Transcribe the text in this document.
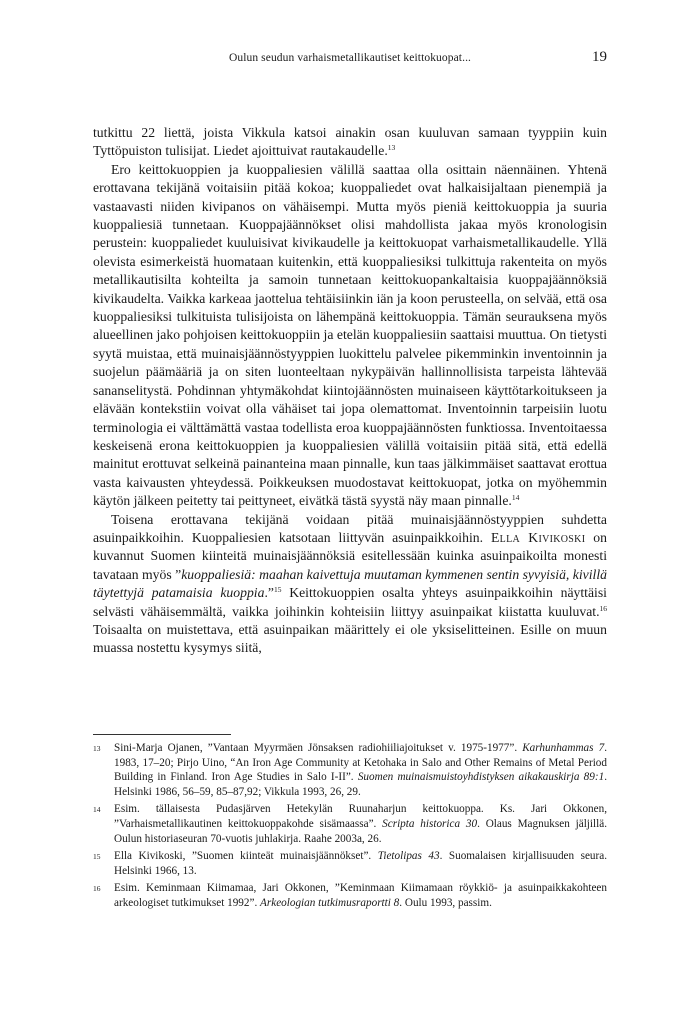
Oulun seudun varhaismetallikautiset keittokuopat...	19

tutkittu 22 liettä, joista Vikkula katsoi ainakin osan kuuluvan samaan tyyppiin kuin Tyttöpuiston tulisijat. Liedet ajoittuivat rautakaudelle.$^{13}$

Ero keittokuoppien ja kuoppaliesien välillä saattaa olla osittain näennäinen. Yhtenä erottavana tekijänä voitaisiin pitää kokoa; kuoppaliedet ovat halkaisijaltaan pienempiä ja vastaavasti niiden kivipanos on vähäisempi. Mutta myös pieniä keittokuoppia ja suuria kuoppaliesiä tunnetaan. Kuoppajäännökset olisi mahdollista jakaa myös kronologisin perustein: kuoppaliedet kuuluisivat kivikaudelle ja keittokuopat varhaismetallikaudelle. Yllä olevista esimerkeistä huomataan kuitenkin, että kuoppaliesiksi tulkittuja rakenteita on myös metallikautisilta kohteilta ja samoin tunnetaan keittokuopankaltaisia kuoppajäännöksiä kivikaudelta. Vaikka karkeaa jaottelua tehtäisiinkin iän ja koon perusteella, on selvää, että osa kuoppaliesiksi tulkituista tulisijoista on lähempänä keittokuoppia. Tämän seurauksena myös alueellinen jako pohjoisen keittokuoppiin ja etelän kuoppaliesiin saattaisi muuttua. On tietysti syytä muistaa, että muinaisjäännöstyyppien luokittelu palvelee pikemminkin inventoinnin ja suojelun päämääriä ja on siten luonteeltaan nykypäivän hallinnollisista tarpeista lähtevää sananselitystä. Pohdinnan yhtymäkohdat kiintojäännösten muinaiseen käyttötarkoitukseen ja elävään kontekstiin voivat olla vähäiset tai jopa olemattomat. Inventoinnin tarpeisiin luotu terminologia ei välttämättä vastaa todellista eroa kuoppajäännösten funktiossa. Inventoitaessa keskeisenä erona keittokuoppien ja kuoppaliesien välillä voitaisiin pitää sitä, että edellä mainitut erottuvat selkeinä painanteina maan pinnalle, kun taas jälkimmäiset saattavat erottua vasta kaivausten yhteydessä. Poikkeuksen muodostavat keittokuopat, jotka on myöhemmin käytön jälkeen peitetty tai peittyneet, eivätkä tästä syystä näy maan pinnalle.$^{14}$

Toisena erottavana tekijänä voidaan pitää muinaisjäännöstyyppien suhdetta asuinpaikkoihin. Kuoppaliesien katsotaan liittyvän asuinpaikkoihin. Ella Kivikoski on kuvannut Suomen kiinteitä muinaisjäännöksiä esitellessään kuinka asuinpaikoilta monesti tavataan myös ”kuoppaliesiä: maahan kaivettuja muutaman kymmenen sentin syvyisiä, kivillä täytettyjä patamaisia kuoppia.”$^{15}$ Keittokuoppien osalta yhteys asuinpaikkoihin näyttäisi selvästi vähäisemmältä, vaikka joihinkin kohteisiin liittyy asuinpaikat kiistatta kuuluvat.$^{16}$ Toisaalta on muistettava, että asuinpaikan määrittely ei ole yksiselitteinen. Esille on muun muassa nostettu kysymys siitä,

13	Sini-Marja Ojanen, ”Vantaan Myyrmäen Jönsaksen radiohiiliajoitukset v. 1975-1977”. Karhunhammas 7. 1983, 17–20; Pirjo Uino, “An Iron Age Community at Ketohaka in Salo and Other Remains of Metal Period Building in Finland. Iron Age Studies in Salo I-II”. Suomen muinaismuistoyhdistyksen aikakauskirja 89:1. Helsinki 1986, 56–59, 85–87,92; Vikkula 1993, 26, 29.
14	Esim. tällaisesta Pudasjärven Hetekylän Ruunaharjun keittokuoppa. Ks. Jari Okkonen, ”Varhaismetallikautinen keittokuoppakohde sisämaassa”. Scripta historica 30. Olaus Magnuksen jäljillä. Oulun historiaseuran 70-vuotis juhlakirja. Raahe 2003a, 26.
15	Ella Kivikoski, ”Suomen kiinteät muinaisjäännökset”. Tietolipas 43. Suomalaisen kirjallisuuden seura. Helsinki 1966, 13.
16	Esim. Keminmaan Kiimamaa, Jari Okkonen, ”Keminmaan Kiimamaan röykkiö- ja asuinpaikkakohteen arkeologiset tutkimukset 1992”. Arkeologian tutkimusraportti 8. Oulu 1993, passim.
